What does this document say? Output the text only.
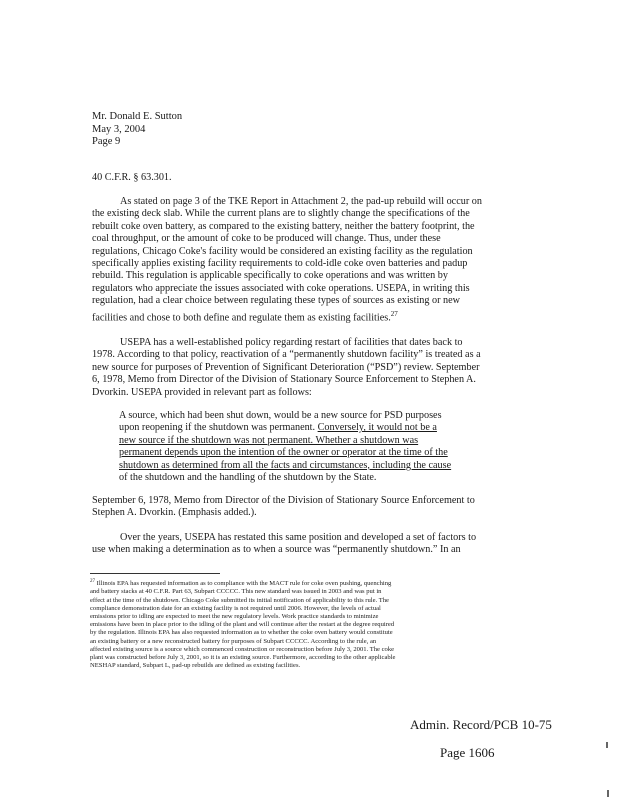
Mr. Donald E. Sutton
May 3, 2004
Page 9
40 C.F.R. § 63.301.
As stated on page 3 of the TKE Report in Attachment 2, the pad-up rebuild will occur on
the existing deck slab. While the current plans are to slightly change the specifications of the
rebuilt coke oven battery, as compared to the existing battery, neither the battery footprint, the
coal throughput, or the amount of coke to be produced will change. Thus, under these
regulations, Chicago Coke's facility would be considered an existing facility as the regulation
specifically applies existing facility requirements to cold-idle coke oven batteries and padup
rebuild. This regulation is applicable specifically to coke operations and was written by
regulators who appreciate the issues associated with coke operations. USEPA, in writing this
regulation, had a clear choice between regulating these types of sources as existing or new
facilities and chose to both define and regulate them as existing facilities.$^{27}$
USEPA has a well-established policy regarding restart of facilities that dates back to
1978. According to that policy, reactivation of a “permanently shutdown facility” is treated as a
new source for purposes of Prevention of Significant Deterioration (“PSD”) review. September
6, 1978, Memo from Director of the Division of Stationary Source Enforcement to Stephen A.
Dvorkin. USEPA provided in relevant part as follows:
A source, which had been shut down, would be a new source for PSD purposes
upon reopening if the shutdown was permanent. Conversely, it would not be a
new source if the shutdown was not permanent. Whether a shutdown was
permanent depends upon the intention of the owner or operator at the time of the
shutdown as determined from all the facts and circumstances, including the cause
of the shutdown and the handling of the shutdown by the State.
September 6, 1978, Memo from Director of the Division of Stationary Source Enforcement to
Stephen A. Dvorkin. (Emphasis added.).
Over the years, USEPA has restated this same position and developed a set of factors to
use when making a determination as to when a source was “permanently shutdown.” In an
$^{27}$ Illinois EPA has requested information as to compliance with the MACT rule for coke oven pushing, quenching
and battery stacks at 40 C.F.R. Part 63, Subpart CCCCC. This new standard was issued in 2003 and was put in
effect at the time of the shutdown. Chicago Coke submitted its initial notification of applicability to this rule. The
compliance demonstration date for an existing facility is not required until 2006. However, the levels of actual
emissions prior to idling are expected to meet the new regulatory levels. Work practice standards to minimize
emissions have been in place prior to the idling of the plant and will continue after the restart at the degree required
by the regulation. Illinois EPA has also requested information as to whether the coke oven battery would constitute
an existing battery or a new reconstructed battery for purposes of Subpart CCCCC. According to the rule, an
affected existing source is a source which commenced construction or reconstruction before July 3, 2001. The coke
plant was constructed before July 3, 2001, so it is an existing source. Furthermore, according to the other applicable
NESHAP standard, Subpart L, pad-up rebuilds are defined as existing facilities.
Admin. Record/PCB 10-75
Page 1606
